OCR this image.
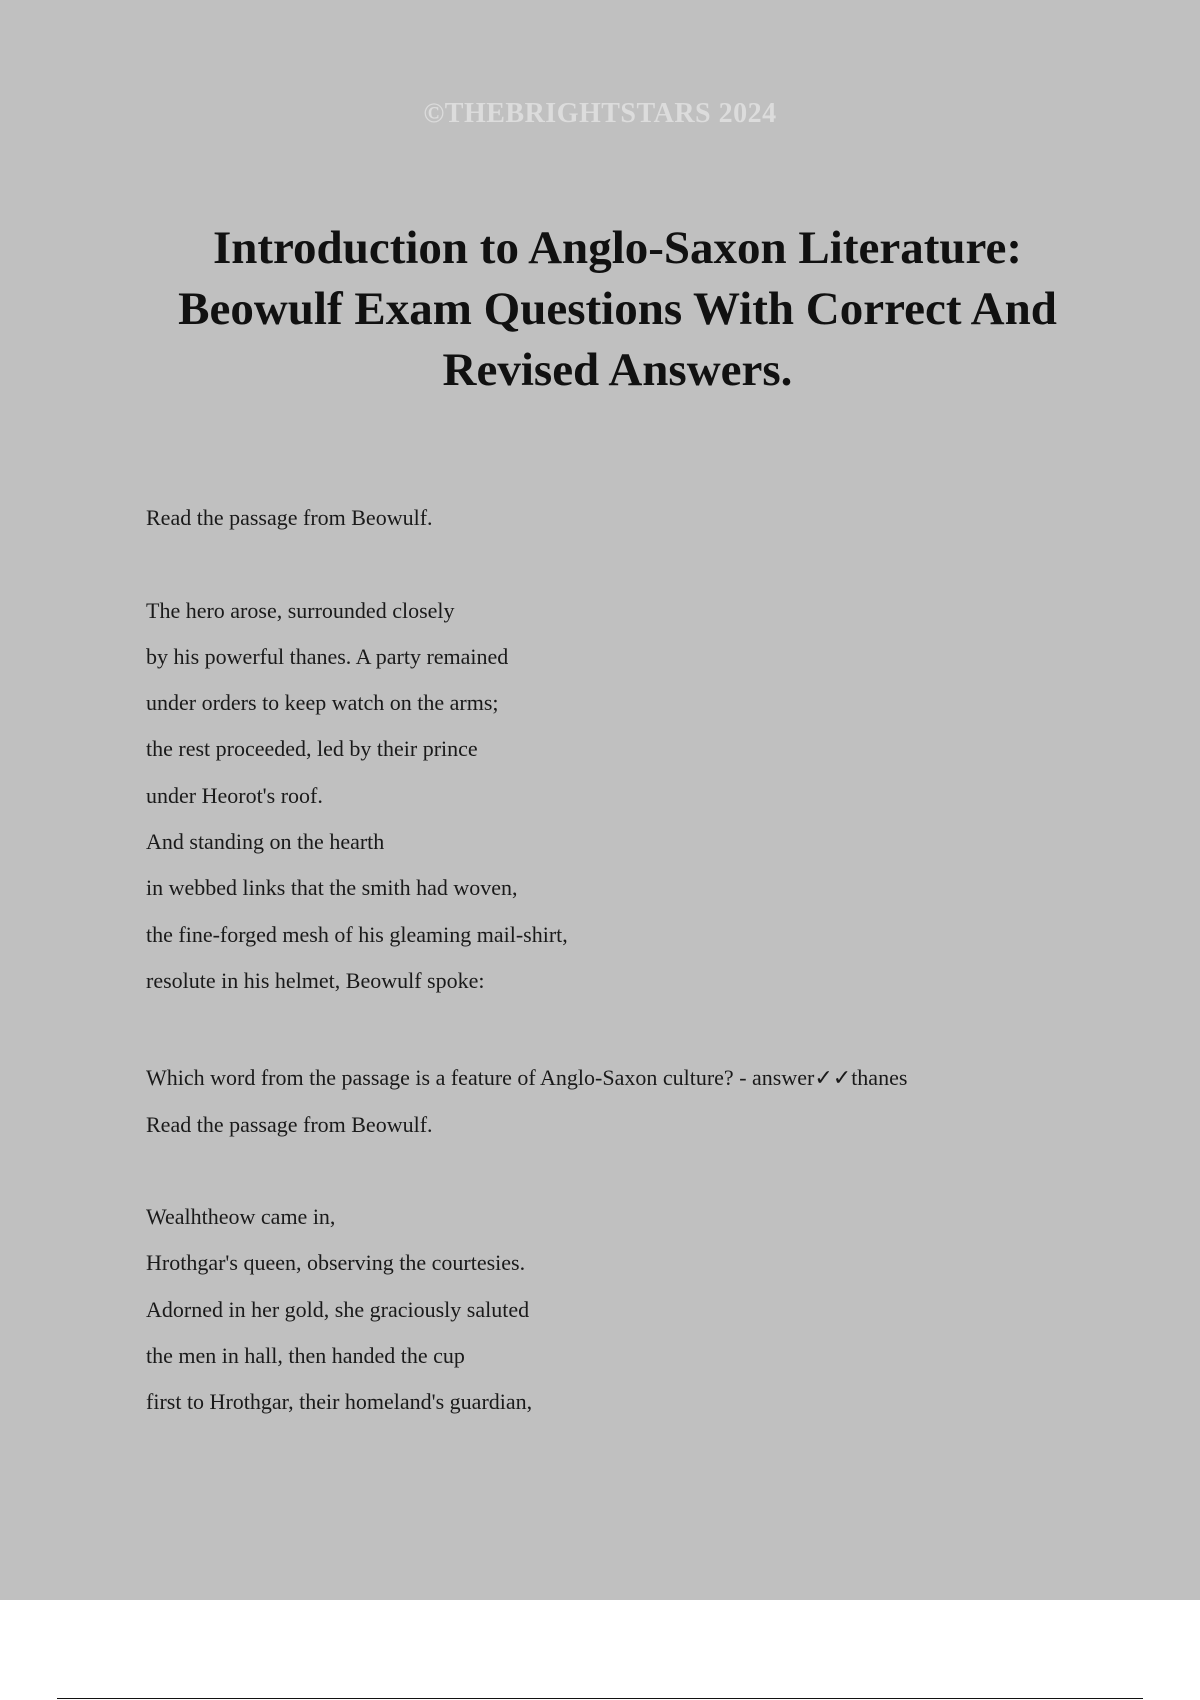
©THEBRIGHTSTARS 2024
Introduction to Anglo-Saxon Literature: Beowulf Exam Questions With Correct And Revised Answers.
Read the passage from Beowulf.
The hero arose, surrounded closely
by his powerful thanes. A party remained
under orders to keep watch on the arms;
the rest proceeded, led by their prince
under Heorot's roof.
And standing on the hearth
in webbed links that the smith had woven,
the fine-forged mesh of his gleaming mail-shirt,
resolute in his helmet, Beowulf spoke:
Which word from the passage is a feature of Anglo-Saxon culture? - answer✓✓thanes
Read the passage from Beowulf.
Wealhtheow came in,
Hrothgar's queen, observing the courtesies.
Adorned in her gold, she graciously saluted
the men in hall, then handed the cup
first to Hrothgar, their homeland's guardian,
